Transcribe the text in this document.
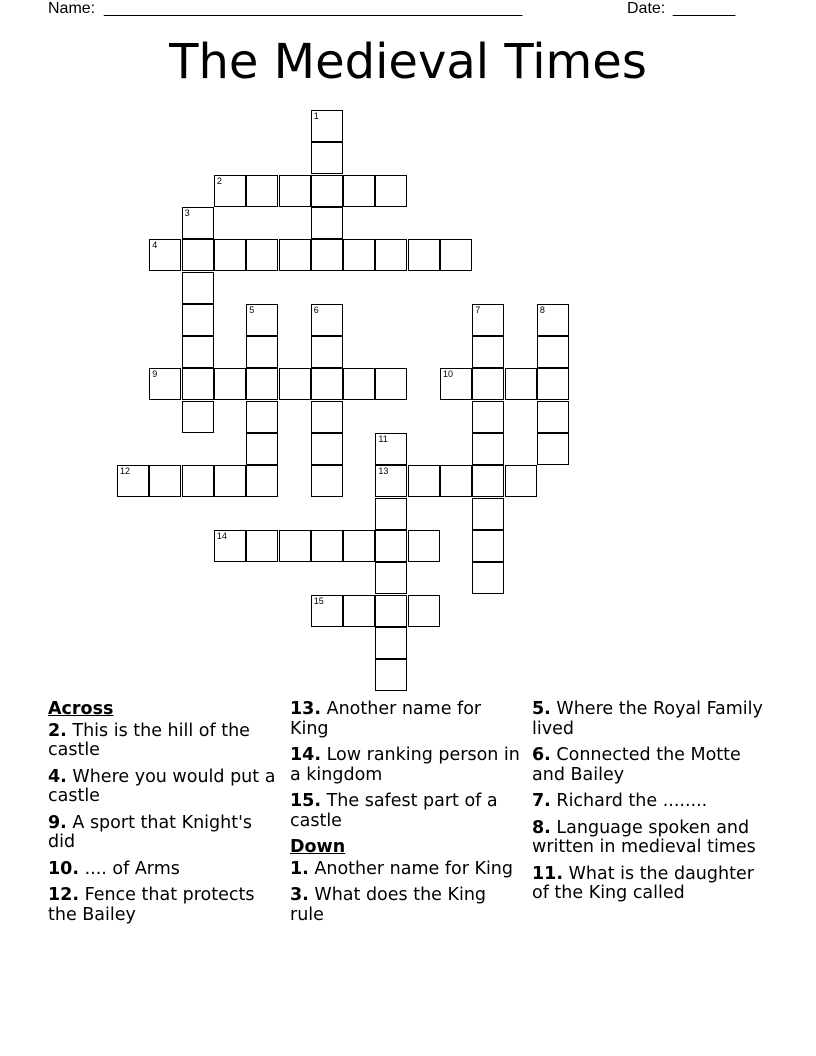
Name: _______________________________________________	Date: _______
The Medieval Times
1
2
3
4
5	6	7	8
9	10
11
13
12
14
15
Across
2. This is the hill of the castle
4. Where you would put a castle
9. A sport that Knight's did
10. .... of Arms
12. Fence that protects the Bailey
13. Another name for King
14. Low ranking person in a kingdom
15. The safest part of a castle
Down
1. Another name for King
3. What does the King rule
5. Where the Royal Family lived
6. Connected the Motte and Bailey
7. Richard the ........
8. Language spoken and written in medieval times
11. What is the daughter of the King called
